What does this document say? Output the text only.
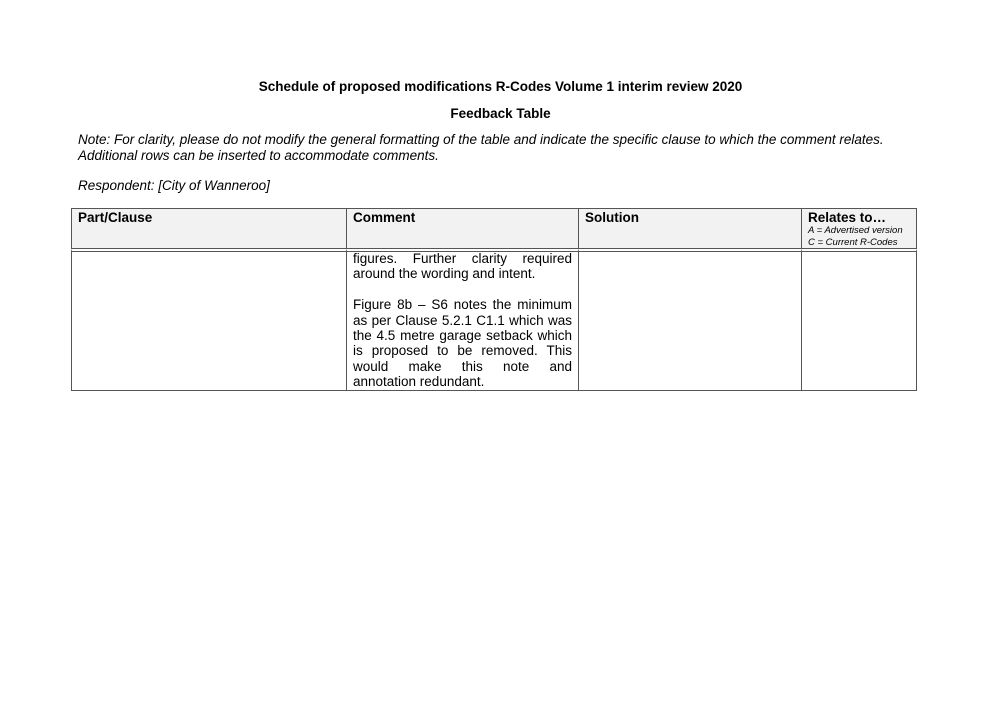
Schedule of proposed modifications R-Codes Volume 1 interim review 2020
Feedback Table
Note: For clarity, please do not modify the general formatting of the table and indicate the specific clause to which the comment relates.
Additional rows can be inserted to accommodate comments.
Respondent: [City of Wanneroo]
Part/Clause	Comment	Solution	Relates to…
A = Advertised version
C = Current R-Codes

	figures. Further clarity required around the wording and intent.

Figure 8b – S6 notes the minimum as per Clause 5.2.1 C1.1 which was the 4.5 metre garage setback which is proposed to be removed. This would make this note and annotation redundant.		
